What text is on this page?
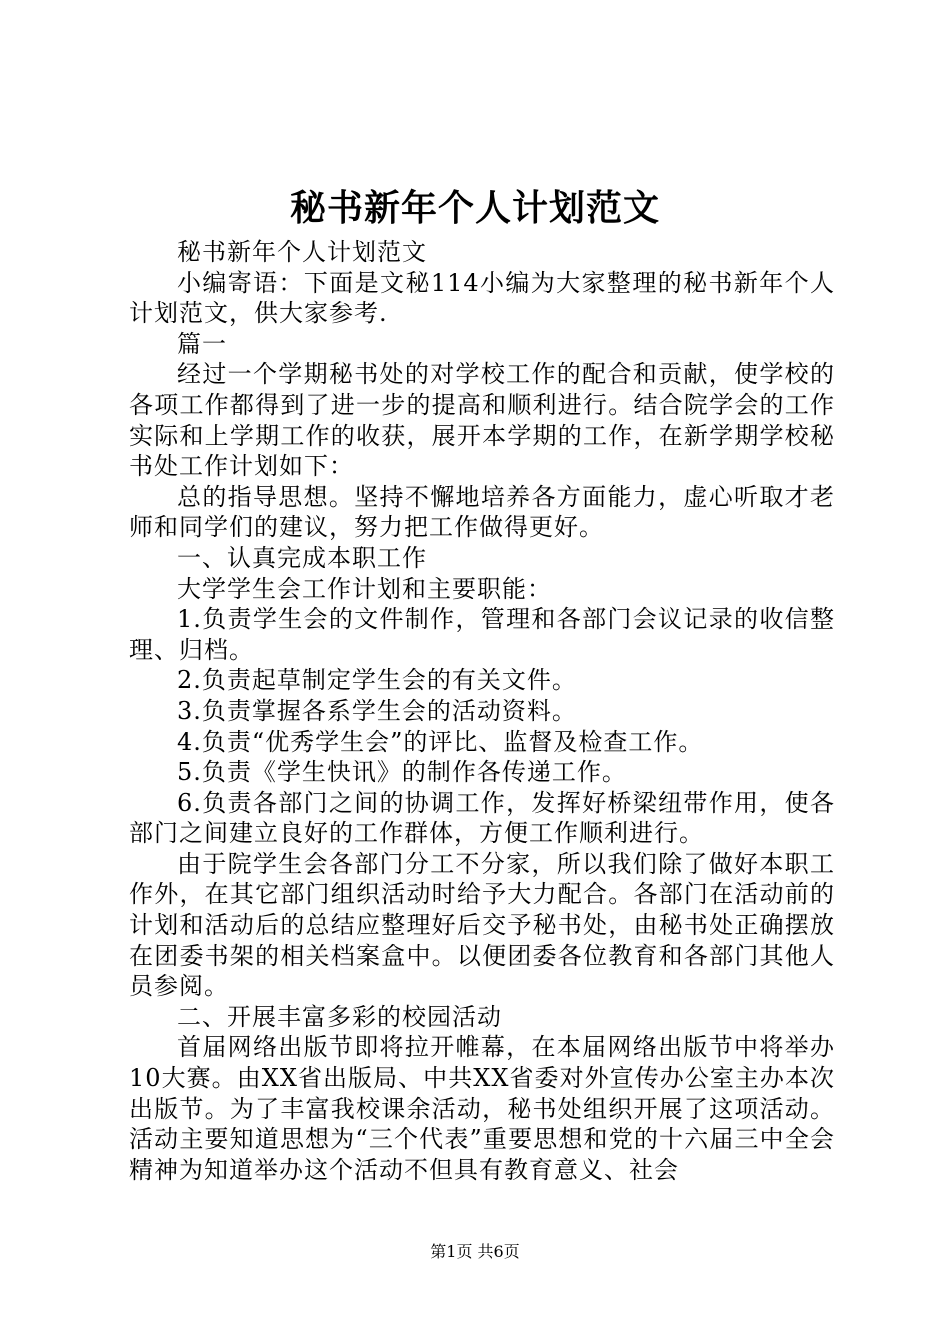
秘书新年个人计划范文

秘书新年个人计划范文

小编寄语：下面是文秘114小编为大家整理的秘书新年个人计划范文，供大家参考.

篇一

经过一个学期秘书处的对学校工作的配合和贡献，使学校的各项工作都得到了进一步的提高和顺利进行。结合院学会的工作实际和上学期工作的收获，展开本学期的工作，在新学期学校秘书处工作计划如下：

总的指导思想。坚持不懈地培养各方面能力，虚心听取才老师和同学们的建议，努力把工作做得更好。

一、认真完成本职工作

大学学生会工作计划和主要职能：

1.负责学生会的文件制作，管理和各部门会议记录的收信整理、归档。

2.负责起草制定学生会的有关文件。

3.负责掌握各系学生会的活动资料。

4.负责“优秀学生会”的评比、监督及检查工作。

5.负责《学生快讯》的制作各传递工作。

6.负责各部门之间的协调工作，发挥好桥梁纽带作用，使各部门之间建立良好的工作群体，方便工作顺利进行。

由于院学生会各部门分工不分家，所以我们除了做好本职工作外，在其它部门组织活动时给予大力配合。各部门在活动前的计划和活动后的总结应整理好后交予秘书处，由秘书处正确摆放在团委书架的相关档案盒中。以便团委各位教育和各部门其他人员参阅。

二、开展丰富多彩的校园活动

首届网络出版节即将拉开帷幕，在本届网络出版节中将举办10大赛。由XX省出版局、中共XX省委对外宣传办公室主办本次出版节。为了丰富我校课余活动，秘书处组织开展了这项活动。活动主要知道思想为“三个代表”重要思想和党的十六届三中全会精神为知道举办这个活动不但具有教育意义、社会

第1页 共6页
